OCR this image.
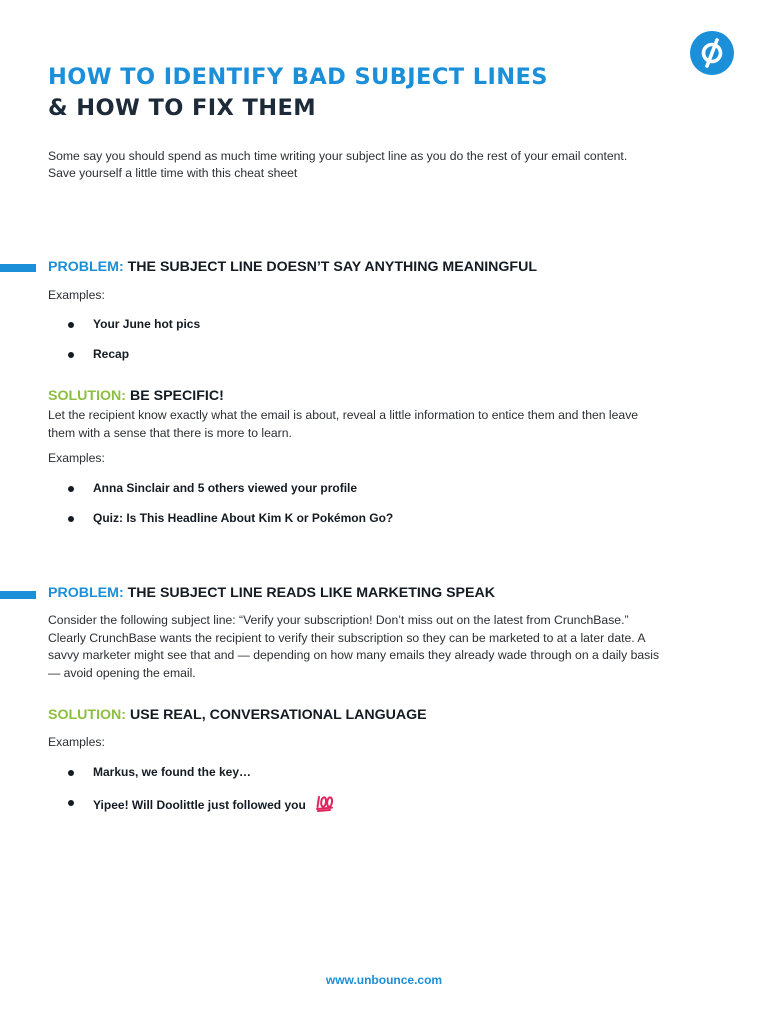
HOW TO IDENTIFY BAD SUBJECT LINES
& HOW TO FIX THEM

Some say you should spend as much time writing your subject line as you do the rest of your email content.
Save yourself a little time with this cheat sheet

PROBLEM: THE SUBJECT LINE DOESN’T SAY ANYTHING MEANINGFUL

Examples:

Your June hot pics

Recap

SOLUTION: BE SPECIFIC!

Let the recipient know exactly what the email is about, reveal a little information to entice them and then leave
them with a sense that there is more to learn.

Examples:

Anna Sinclair and 5 others viewed your profile

Quiz: Is This Headline About Kim K or Pokémon Go?

PROBLEM: THE SUBJECT LINE READS LIKE MARKETING SPEAK

Consider the following subject line: “Verify your subscription! Don’t miss out on the latest from CrunchBase.”
Clearly CrunchBase wants the recipient to verify their subscription so they can be marketed to at a later date. A
savvy marketer might see that and — depending on how many emails they already wade through on a daily basis
— avoid opening the email.

SOLUTION: USE REAL, CONVERSATIONAL LANGUAGE

Examples:

Markus, we found the key…

Yipee! Will Doolittle just followed you

www.unbounce.com
